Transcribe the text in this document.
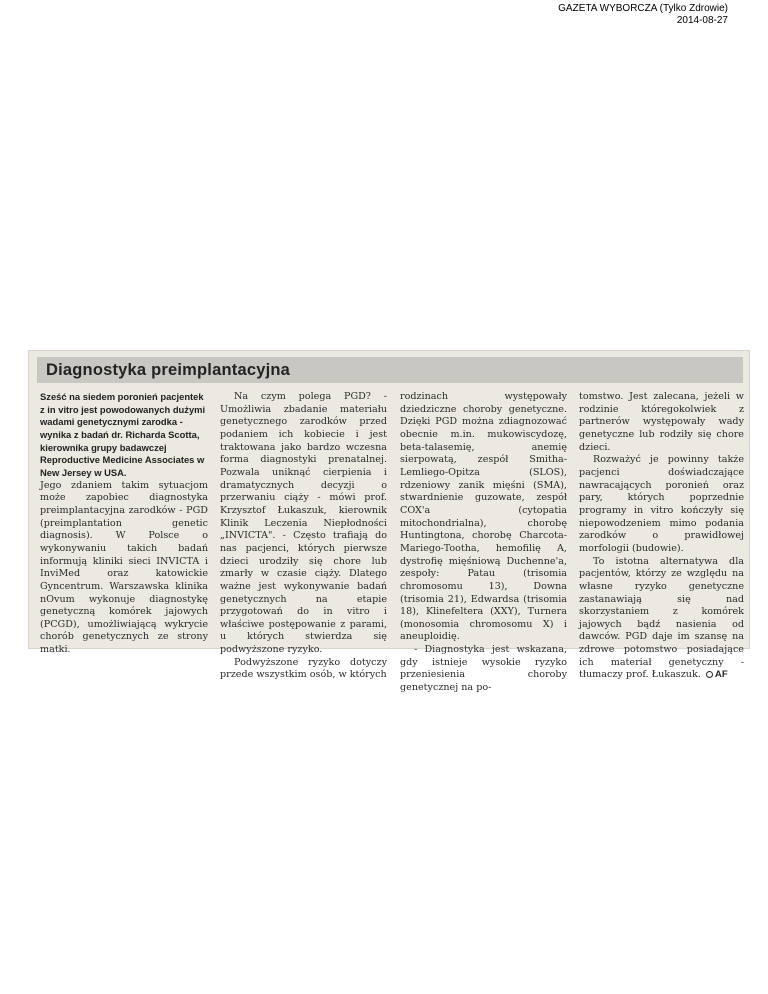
GAZETA WYBORCZA (Tylko Zdrowie)
2014-08-27
Diagnostyka preimplantacyjna

Sześć na siedem poronień pacjentek z in vitro jest powodowanych dużymi wadami genetycznymi zarodka - wynika z badań dr. Richarda Scotta, kierownika grupy badawczej Reproductive Medicine Associates w New Jersey w USA.

Jego zdaniem takim sytuacjom może zapobiec diagnostyka preimplantacyjna zarodków - PGD (preimplantation genetic diagnosis). W Polsce o wykonywaniu takich badań informują kliniki sieci INVICTA i InviMed oraz katowickie Gyncentrum. Warszawska klinika nOvum wykonuje diagnostykę genetyczną komórek jajowych (PCGD), umożliwiającą wykrycie chorób genetycznych ze strony matki.

Na czym polega PGD? - Umożliwia zbadanie materiału genetycznego zarodków przed podaniem ich kobiecie i jest traktowana jako bardzo wczesna forma diagnostyki prenatalnej. Pozwala uniknąć cierpienia i dramatycznych decyzji o przerwaniu ciąży - mówi prof. Krzysztof Łukaszuk, kierownik Klinik Leczenia Niepłodności „INVICTA". - Często trafiają do nas pacjenci, których pierwsze dzieci urodziły się chore lub zmarły w czasie ciąży. Dlatego ważne jest wykonywanie badań genetycznych na etapie przygotowań do in vitro i właściwe postępowanie z parami, u których stwierdza się podwyższone ryzyko.

Podwyższone ryzyko dotyczy przede wszystkim osób, w których

rodzinach występowały dziedziczne choroby genetyczne. Dzięki PGD można zdiagnozować obecnie m.in. mukowiscydozę, beta-talasemię, anemię sierpowatą, zespół Smitha-Lemliego-Opitza (SLOS), rdzeniowy zanik mięśni (SMA), stwardnienie guzowate, zespół COX'a (cytopatia mitochondrialna), chorobę Huntingtona, chorobę Charcota-Mariego-Tootha, hemofilię A, dystrofię mięśniową Duchenne'a, zespoły: Patau (trisomia chromosomu 13), Downa (trisomia 21), Edwardsa (trisomia 18), Klinefeltera (XXY), Turnera (monosomia chromosomu X) i aneuploidię.

- Diagnostyka jest wskazana, gdy istnieje wysokie ryzyko przeniesienia choroby genetycznej na po-

tomstwo. Jest zalecana, jeżeli w rodzinie któregokolwiek z partnerów występowały wady genetyczne lub rodziły się chore dzieci.

Rozważyć je powinny także pacjenci doświadczające nawracających poronień oraz pary, których poprzednie programy in vitro kończyły się niepowodzeniem mimo podania zarodków o prawidłowej morfologii (budowie).

To istotna alternatywa dla pacjentów, którzy ze względu na własne ryzyko genetyczne zastanawiają się nad skorzystaniem z komórek jajowych bądź nasienia od dawców. PGD daje im szansę na zdrowe potomstwo posiadające ich materiał genetyczny - tłumaczy prof. Łukaszuk. AF
